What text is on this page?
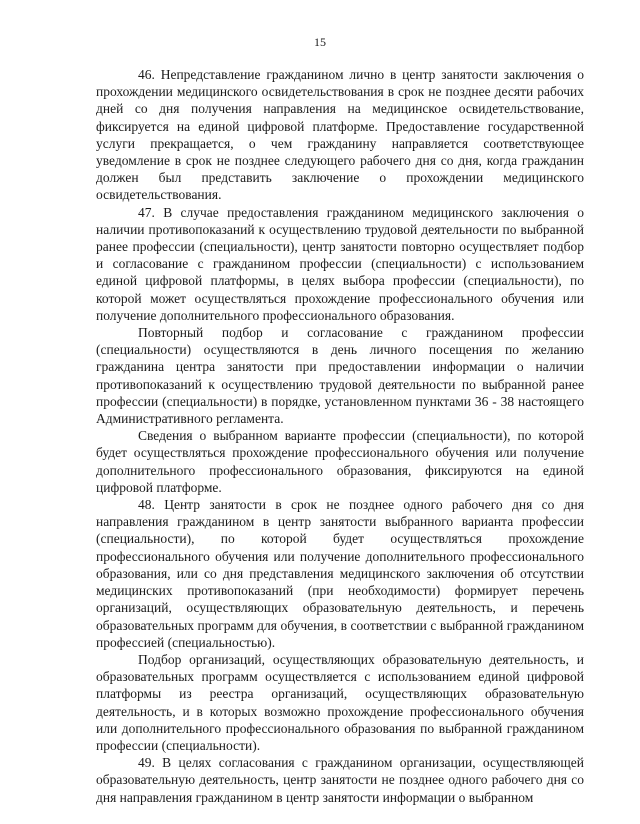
15

46. Непредставление гражданином лично в центр занятости заключения о прохождении медицинского освидетельствования в срок не позднее десяти рабочих дней со дня получения направления на медицинское освидетельствование, фиксируется на единой цифровой платформе. Предоставление государственной услуги прекращается, о чем гражданину направляется соответствующее уведомление в срок не позднее следующего рабочего дня со дня, когда гражданин должен был представить заключение о прохождении медицинского освидетельствования.

47. В случае предоставления гражданином медицинского заключения о наличии противопоказаний к осуществлению трудовой деятельности по выбранной ранее профессии (специальности), центр занятости повторно осуществляет подбор и согласование с гражданином профессии (специальности) с использованием единой цифровой платформы, в целях выбора профессии (специальности), по которой может осуществляться прохождение профессионального обучения или получение дополнительного профессионального образования.

Повторный подбор и согласование с гражданином профессии (специальности) осуществляются в день личного посещения по желанию гражданина центра занятости при предоставлении информации о наличии противопоказаний к осуществлению трудовой деятельности по выбранной ранее профессии (специальности) в порядке, установленном пунктами 36 - 38 настоящего Административного регламента.

Сведения о выбранном варианте профессии (специальности), по которой будет осуществляться прохождение профессионального обучения или получение дополнительного профессионального образования, фиксируются на единой цифровой платформе.

48. Центр занятости в срок не позднее одного рабочего дня со дня направления гражданином в центр занятости выбранного варианта профессии (специальности), по которой будет осуществляться прохождение профессионального обучения или получение дополнительного профессионального образования, или со дня представления медицинского заключения об отсутствии медицинских противопоказаний (при необходимости) формирует перечень организаций, осуществляющих образовательную деятельность, и перечень образовательных программ для обучения, в соответствии с выбранной гражданином профессией (специальностью).

Подбор организаций, осуществляющих образовательную деятельность, и образовательных программ осуществляется с использованием единой цифровой платформы из реестра организаций, осуществляющих образовательную деятельность, и в которых возможно прохождение профессионального обучения или дополнительного профессионального образования по выбранной гражданином профессии (специальности).

49. В целях согласования с гражданином организации, осуществляющей образовательную деятельность, центр занятости не позднее одного рабочего дня со дня направления гражданином в центр занятости информации о выбранном
